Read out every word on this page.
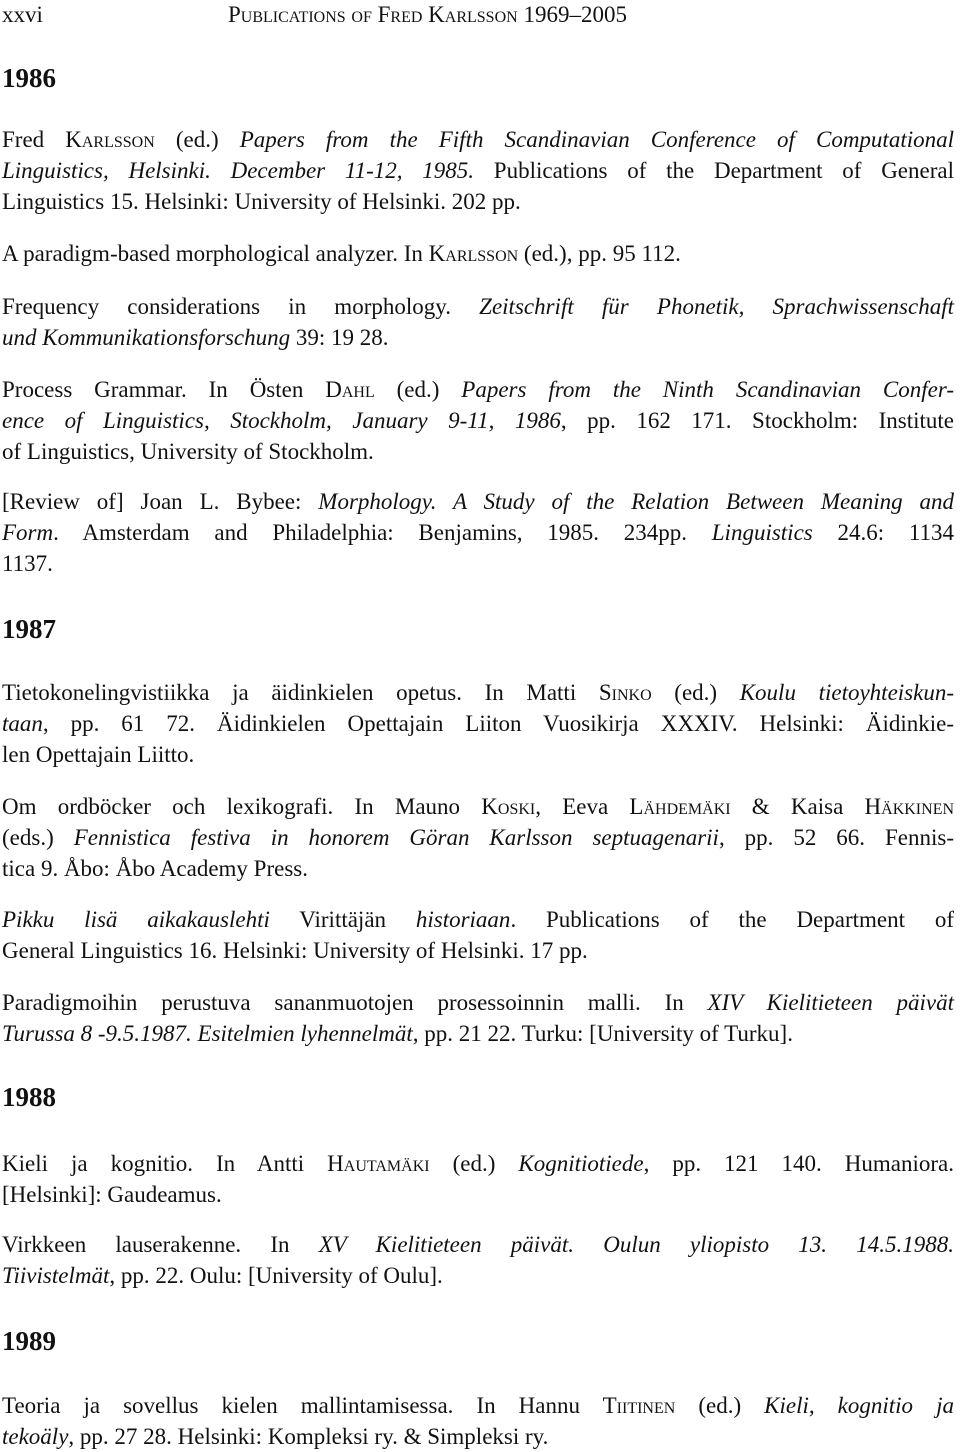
xxvi	Publications of Fred Karlsson 1969–2005
1986

Fred Karlsson (ed.) Papers from the Fifth Scandinavian Conference of Computational
Linguistics, Helsinki. December 11-12, 1985. Publications of the Department of General
Linguistics 15. Helsinki: University of Helsinki. 202 pp.

A paradigm-based morphological analyzer. In Karlsson (ed.), pp. 95 112.

Frequency considerations in morphology. Zeitschrift für Phonetik, Sprachwissenschaft
und Kommunikationsforschung 39: 19 28.

Process Grammar. In Östen Dahl (ed.) Papers from the Ninth Scandinavian Confer-
ence of Linguistics, Stockholm, January 9-11, 1986, pp. 162 171. Stockholm: Institute
of Linguistics, University of Stockholm.

[Review of] Joan L. Bybee: Morphology. A Study of the Relation Between Meaning and
Form. Amsterdam and Philadelphia: Benjamins, 1985. 234pp. Linguistics 24.6: 1134
1137.

1987

Tietokonelingvistiikka ja äidinkielen opetus. In Matti Sinko (ed.) Koulu tietoyhteiskun-
taan, pp. 61 72. Äidinkielen Opettajain Liiton Vuosikirja XXXIV. Helsinki: Äidinkie-
len Opettajain Liitto.

Om ordböcker och lexikografi. In Mauno Koski, Eeva Lähdemäki & Kaisa Häkkinen
(eds.) Fennistica festiva in honorem Göran Karlsson septuagenarii, pp. 52 66. Fennis-
tica 9. Åbo: Åbo Academy Press.

Pikku lisä aikakauslehti Virittäjän historiaan. Publications of the Department of
General Linguistics 16. Helsinki: University of Helsinki. 17 pp.

Paradigmoihin perustuva sananmuotojen prosessoinnin malli. In XIV Kielitieteen päivät
Turussa 8 -9.5.1987. Esitelmien lyhennelmät, pp. 21 22. Turku: [University of Turku].

1988

Kieli ja kognitio. In Antti Hautamäki (ed.) Kognitiotiede, pp. 121 140. Humaniora.
[Helsinki]: Gaudeamus.

Virkkeen lauserakenne. In XV Kielitieteen päivät. Oulun yliopisto 13. 14.5.1988.
Tiivistelmät, pp. 22. Oulu: [University of Oulu].

1989

Teoria ja sovellus kielen mallintamisessa. In Hannu Tiitinen (ed.) Kieli, kognitio ja
tekoäly, pp. 27 28. Helsinki: Kompleksi ry. & Simpleksi ry.
